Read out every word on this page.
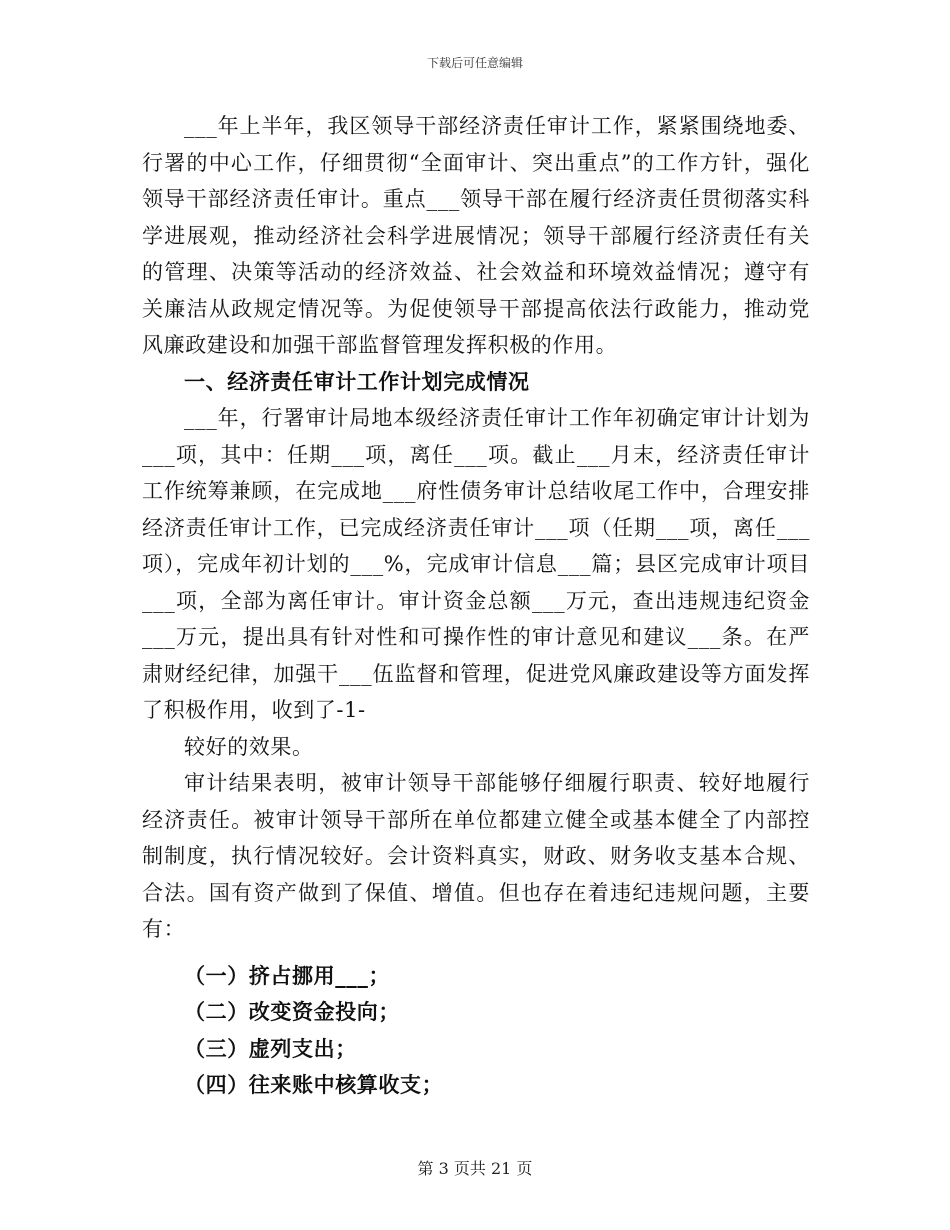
下载后可任意编辑

___年上半年，我区领导干部经济责任审计工作，紧紧围绕地委、行署的中心工作，仔细贯彻“全面审计、突出重点”的工作方针，强化领导干部经济责任审计。重点___领导干部在履行经济责任贯彻落实科学进展观，推动经济社会科学进展情况；领导干部履行经济责任有关的管理、决策等活动的经济效益、社会效益和环境效益情况；遵守有关廉洁从政规定情况等。为促使领导干部提高依法行政能力，推动党风廉政建设和加强干部监督管理发挥积极的作用。

一、经济责任审计工作计划完成情况

___年，行署审计局地本级经济责任审计工作年初确定审计计划为___项，其中：任期___项，离任___项。截止___月末，经济责任审计工作统筹兼顾，在完成地___府性债务审计总结收尾工作中，合理安排经济责任审计工作，已完成经济责任审计___项（任期___项，离任___项），完成年初计划的___%，完成审计信息___篇；县区完成审计项目___项，全部为离任审计。审计资金总额___万元，查出违规违纪资金___万元，提出具有针对性和可操作性的审计意见和建议___条。在严肃财经纪律，加强干___伍监督和管理，促进党风廉政建设等方面发挥了积极作用，收到了-1-

较好的效果。

审计结果表明，被审计领导干部能够仔细履行职责、较好地履行经济责任。被审计领导干部所在单位都建立健全或基本健全了内部控制制度，执行情况较好。会计资料真实，财政、财务收支基本合规、合法。国有资产做到了保值、增值。但也存在着违纪违规问题，主要有：

（一）挤占挪用___；

（二）改变资金投向；

（三）虚列支出；

（四）往来账中核算收支；

第 3 页共 21 页
